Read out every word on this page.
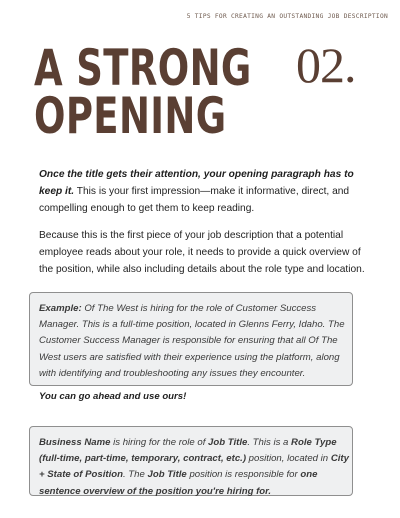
5 TIPS FOR CREATING AN OUTSTANDING JOB DESCRIPTION
A STRONG
OPENING
02.
Once the title gets their attention, your opening paragraph has to keep it. This is your first impression—make it informative, direct, and compelling enough to get them to keep reading.
Because this is the first piece of your job description that a potential employee reads about your role, it needs to provide a quick overview of the position, while also including details about the role type and location.
Example: Of The West is hiring for the role of Customer Success Manager. This is a full-time position, located in Glenns Ferry, Idaho. The Customer Success Manager is responsible for ensuring that all Of The West users are satisfied with their experience using the platform, along with identifying and troubleshooting any issues they encounter.
You can go ahead and use ours!
Business Name is hiring for the role of Job Title. This is a Role Type (full-time, part-time, temporary, contract, etc.) position, located in City + State of Position. The Job Title position is responsible for one sentence overview of the position you're hiring for.
